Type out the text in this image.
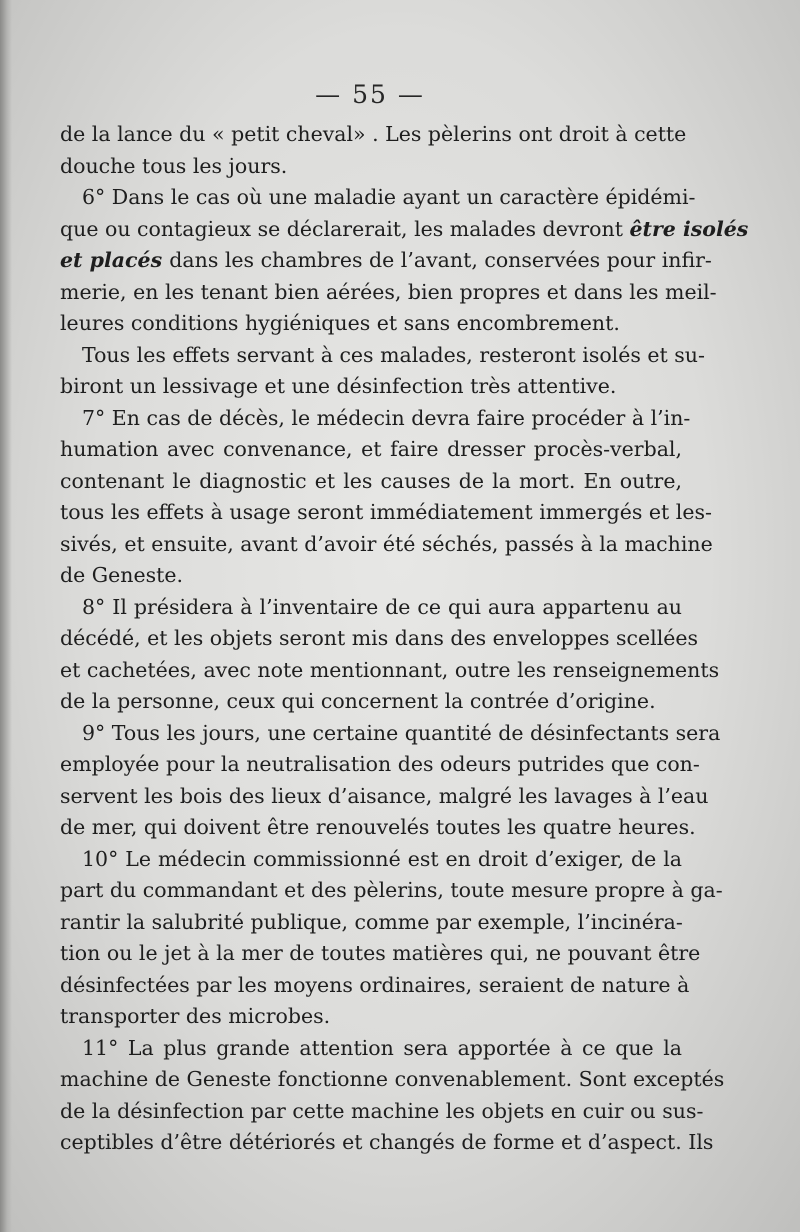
— 55 —
de la lance du « petit cheval» . Les pèlerins ont droit à cette
douche tous les jours.
6° Dans le cas où une maladie ayant un caractère épidémi-
que ou contagieux se déclarerait, les malades devront être isolés
et placés dans les chambres de l’avant, conservées pour infir-
merie, en les tenant bien aérées, bien propres et dans les meil-
leures conditions hygiéniques et sans encombrement.
Tous les effets servant à ces malades, resteront isolés et su-
biront un lessivage et une désinfection très attentive.
7° En cas de décès, le médecin devra faire procéder à l’in-
humation avec convenance, et faire dresser procès-verbal,
contenant le diagnostic et les causes de la mort. En outre,
tous les effets à usage seront immédiatement immergés et les-
sivés, et ensuite, avant d’avoir été séchés, passés à la machine
de Geneste.
8° Il présidera à l’inventaire de ce qui aura appartenu au
décédé, et les objets seront mis dans des enveloppes scellées
et cachetées, avec note mentionnant, outre les renseignements
de la personne, ceux qui concernent la contrée d’origine.
9° Tous les jours, une certaine quantité de désinfectants sera
employée pour la neutralisation des odeurs putrides que con-
servent les bois des lieux d’aisance, malgré les lavages à l’eau
de mer, qui doivent être renouvelés toutes les quatre heures.
10° Le médecin commissionné est en droit d’exiger, de la
part du commandant et des pèlerins, toute mesure propre à ga-
rantir la salubrité publique, comme par exemple, l’incinéra-
tion ou le jet à la mer de toutes matières qui, ne pouvant être
désinfectées par les moyens ordinaires, seraient de nature à
transporter des microbes.
11° La plus grande attention sera apportée à ce que la
machine de Geneste fonctionne convenablement. Sont exceptés
de la désinfection par cette machine les objets en cuir ou sus-
ceptibles d’être détériorés et changés de forme et d’aspect. Ils
